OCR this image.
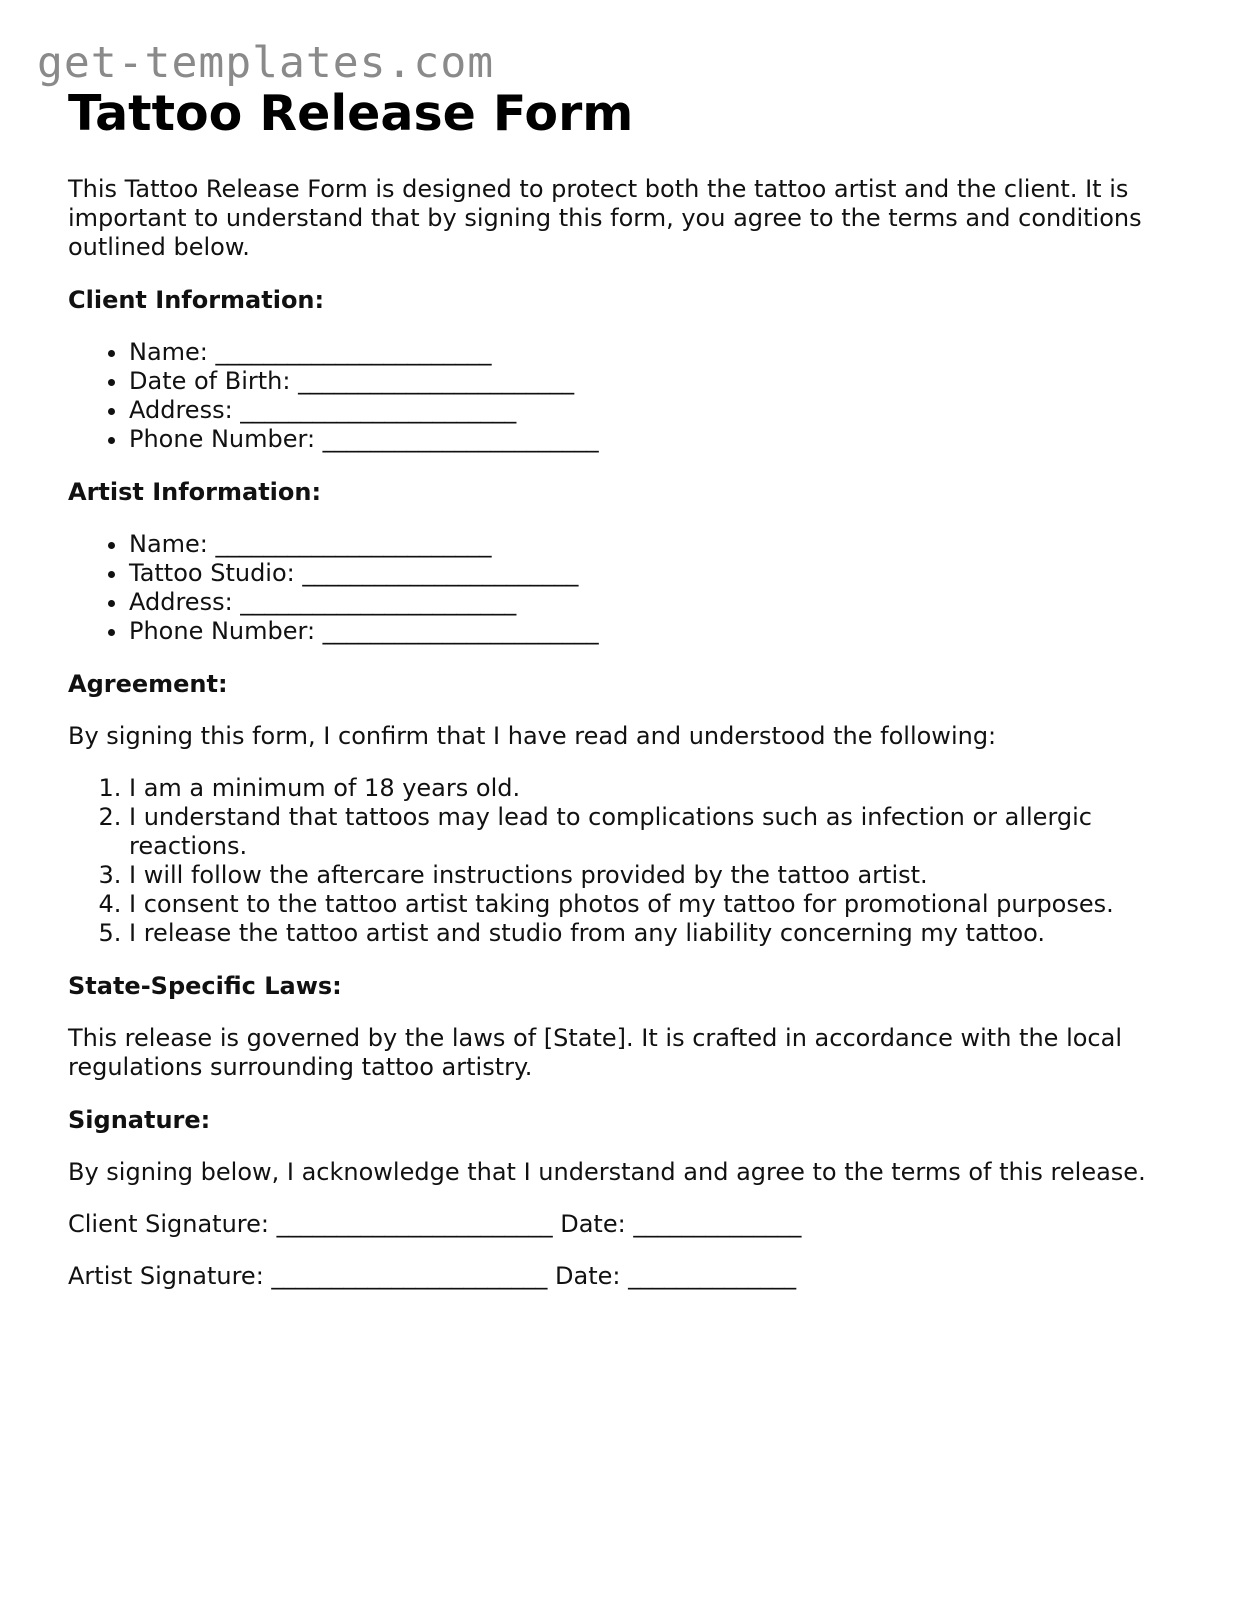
get-templates.com
Tattoo Release Form

This Tattoo Release Form is designed to protect both the tattoo artist and the client. It is important to understand that by signing this form, you agree to the terms and conditions outlined below.

Client Information:
• Name: _______________________
• Date of Birth: _______________________
• Address: _______________________
• Phone Number: _______________________
Artist Information:
• Name: _______________________
• Tattoo Studio: _______________________
• Address: _______________________
• Phone Number: _______________________
Agreement:

By signing this form, I confirm that I have read and understood the following:

1. I am a minimum of 18 years old.
2. I understand that tattoos may lead to complications such as infection or allergic reactions.
3. I will follow the aftercare instructions provided by the tattoo artist.
4. I consent to the tattoo artist taking photos of my tattoo for promotional purposes.
5. I release the tattoo artist and studio from any liability concerning my tattoo.
State-Specific Laws:

This release is governed by the laws of [State]. It is crafted in accordance with the local regulations surrounding tattoo artistry.

Signature:

By signing below, I acknowledge that I understand and agree to the terms of this release.

Client Signature: _______________________ Date: ______________

Artist Signature: _______________________ Date: ______________
